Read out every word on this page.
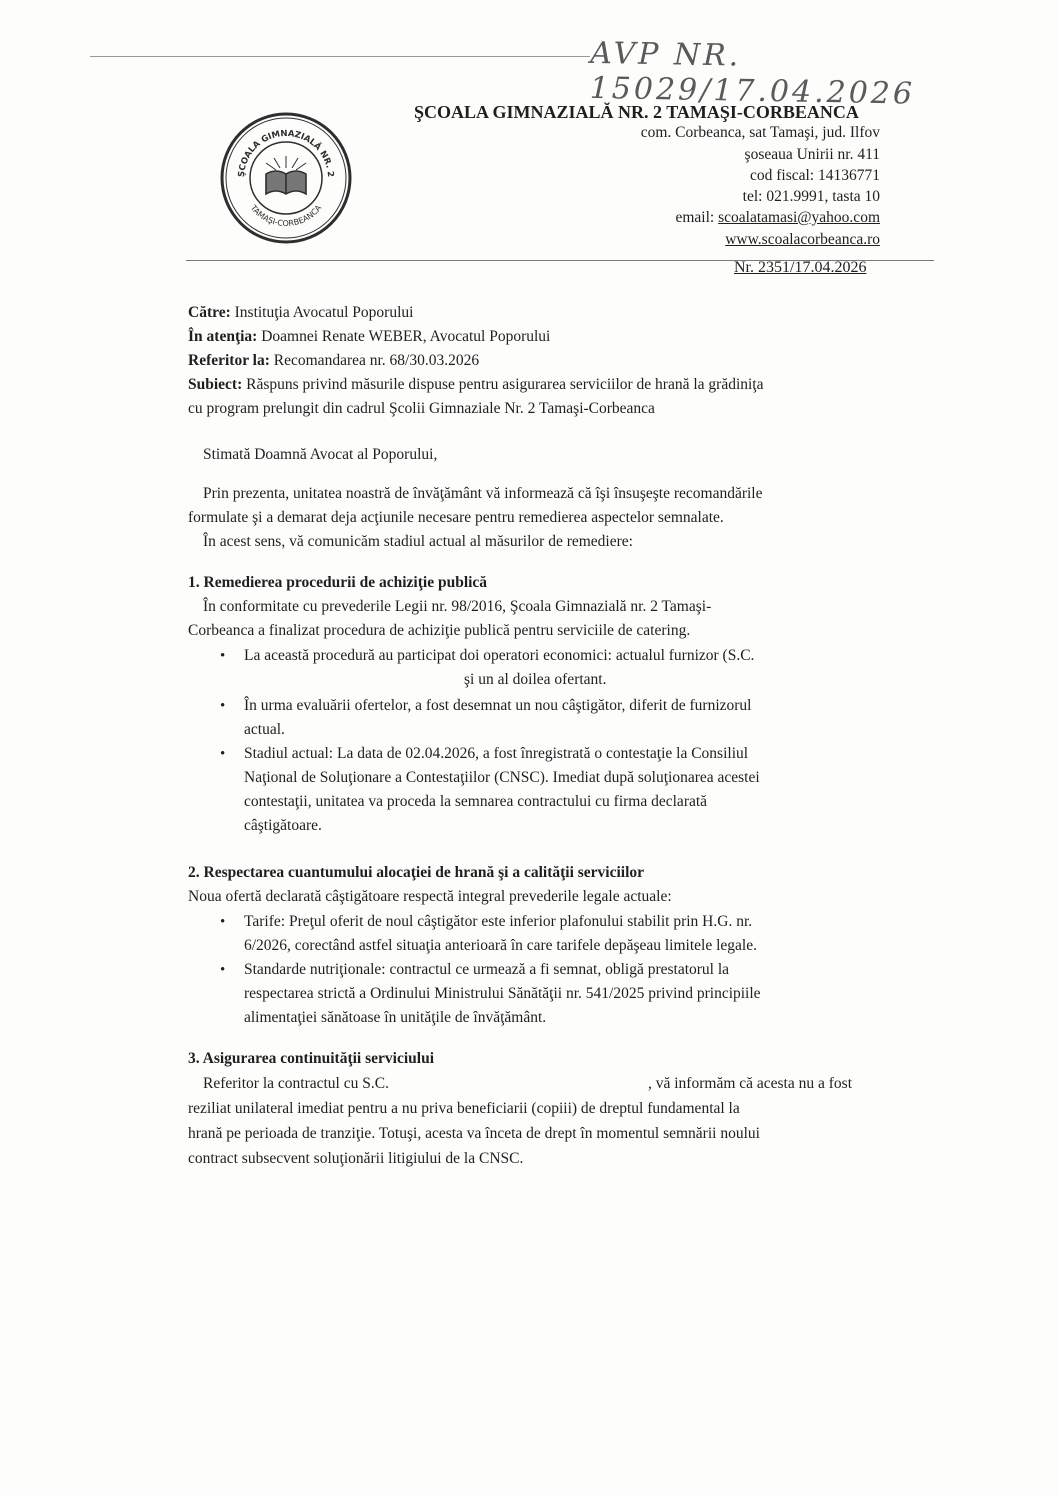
AVP NR. 15029/17.04.2026
ŞCOALA GIMNAZIALĂ NR. 2
TAMAŞI-CORBEANCA
ŞCOALA GIMNAZIALĂ NR. 2 TAMAŞI-CORBEANCA
com. Corbeanca, sat Tamaşi, jud. Ilfov
şoseaua Unirii nr. 411
cod fiscal: 14136771
tel: 021.9991, tasta 10
email: scoalatamasi@yahoo.com
www.scoalacorbeanca.ro
Nr. 2351/17.04.2026
Către: Instituţia Avocatul Poporului
În atenţia: Doamnei Renate WEBER, Avocatul Poporului
Referitor la: Recomandarea nr. 68/30.03.2026
Subiect: Răspuns privind măsurile dispuse pentru asigurarea serviciilor de hrană la grădiniţa
cu program prelungit din cadrul Şcolii Gimnaziale Nr. 2 Tamaşi-Corbeanca
Stimată Doamnă Avocat al Poporului,
Prin prezenta, unitatea noastră de învăţământ vă informează că îşi însuşeşte recomandările
formulate şi a demarat deja acţiunile necesare pentru remedierea aspectelor semnalate.
În acest sens, vă comunicăm stadiul actual al măsurilor de remediere:
1. Remedierea procedurii de achiziţie publică
În conformitate cu prevederile Legii nr. 98/2016, Şcoala Gimnazială nr. 2 Tamaşi-
Corbeanca a finalizat procedura de achiziţie publică pentru serviciile de catering.
• La această procedură au participat doi operatori economici: actualul furnizor (S.C.
şi un al doilea ofertant.
• În urma evaluării ofertelor, a fost desemnat un nou câştigător, diferit de furnizorul
actual.
• Stadiul actual: La data de 02.04.2026, a fost înregistrată o contestaţie la Consiliul
Naţional de Soluţionare a Contestaţiilor (CNSC). Imediat după soluţionarea acestei
contestaţii, unitatea va proceda la semnarea contractului cu firma declarată
câştigătoare.
2. Respectarea cuantumului alocaţiei de hrană şi a calităţii serviciilor
Noua ofertă declarată câştigătoare respectă integral prevederile legale actuale:
• Tarife: Preţul oferit de noul câştigător este inferior plafonului stabilit prin H.G. nr.
6/2026, corectând astfel situaţia anterioară în care tarifele depăşeau limitele legale.
• Standarde nutriţionale: contractul ce urmează a fi semnat, obligă prestatorul la
respectarea strictă a Ordinului Ministrului Sănătăţii nr. 541/2025 privind principiile
alimentaţiei sănătoase în unităţile de învăţământ.
3. Asigurarea continuităţii serviciului
Referitor la contractul cu S.C.	, vă informăm că acesta nu a fost
reziliat unilateral imediat pentru a nu priva beneficiarii (copiii) de dreptul fundamental la
hrană pe perioada de tranziţie. Totuşi, acesta va înceta de drept în momentul semnării noului
contract subsecvent soluţionării litigiului de la CNSC.
